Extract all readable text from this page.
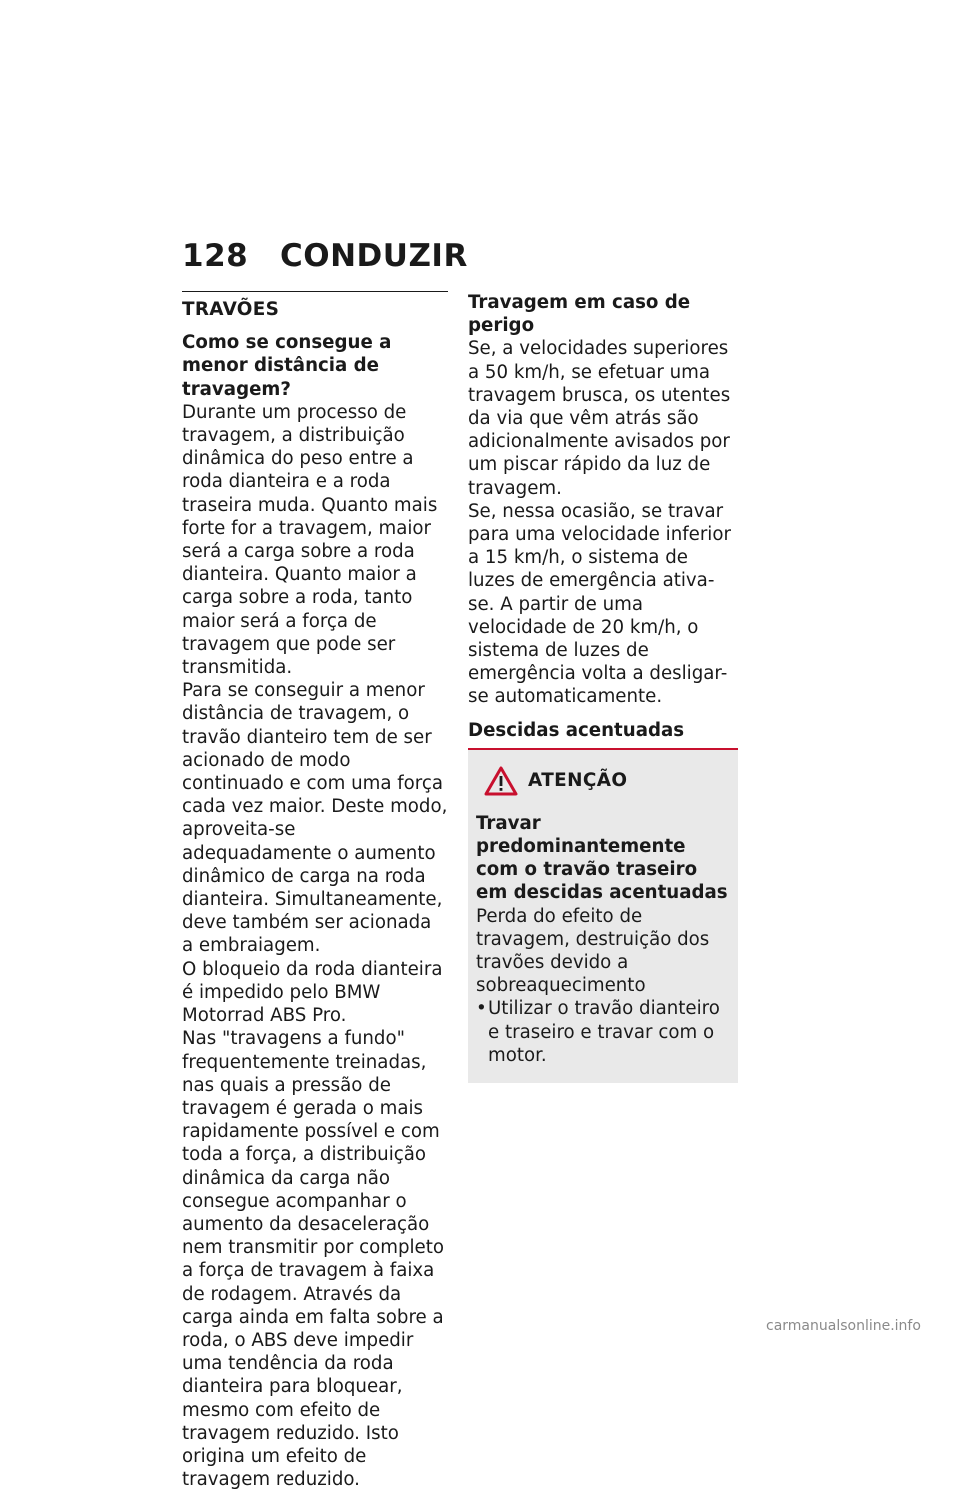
128 CONDUZIR
TRAVÕES

Como se consegue a menor distância de travagem?

Durante um processo de travagem, a distribuição dinâmica do peso entre a roda dianteira e a roda traseira muda. Quanto mais forte for a travagem, maior será a carga sobre a roda dianteira. Quanto maior a carga sobre a roda, tanto maior será a força de travagem que pode ser transmitida.

Para se conseguir a menor distância de travagem, o travão dianteiro tem de ser acionado de modo continuado e com uma força cada vez maior. Deste modo, aproveita-se adequadamente o aumento dinâmico de carga na roda dianteira. Simultaneamente, deve também ser acionada a embraiagem.

O bloqueio da roda dianteira é impedido pelo BMW Motorrad ABS Pro.

Nas "travagens a fundo" frequentemente treinadas, nas quais a pressão de travagem é gerada o mais rapidamente possível e com toda a força, a distribuição dinâmica da carga não consegue acompanhar o aumento da desaceleração nem transmitir por completo a força de travagem à faixa de rodagem. Através da carga ainda em falta sobre a roda, o ABS deve impedir uma tendência da roda dianteira para bloquear, mesmo com efeito de travagem reduzido. Isto origina um efeito de travagem reduzido.

Travagem em caso de perigo

Se, a velocidades superiores a 50 km/h, se efetuar uma travagem brusca, os utentes da via que vêm atrás são adicionalmente avisados por um piscar rápido da luz de travagem.

Se, nessa ocasião, se travar para uma velocidade inferior a 15 km/h, o sistema de luzes de emergência ativa-se. A partir de uma velocidade de 20 km/h, o sistema de luzes de emergência volta a desligar-se automaticamente.

Descidas acentuadas

ATENÇÃO

Travar predominantemente com o travão traseiro em descidas acentuadas

Perda do efeito de travagem, destruição dos travões devido a sobreaquecimento

• Utilizar o travão dianteiro e traseiro e travar com o motor.
carmanualsonline.info
